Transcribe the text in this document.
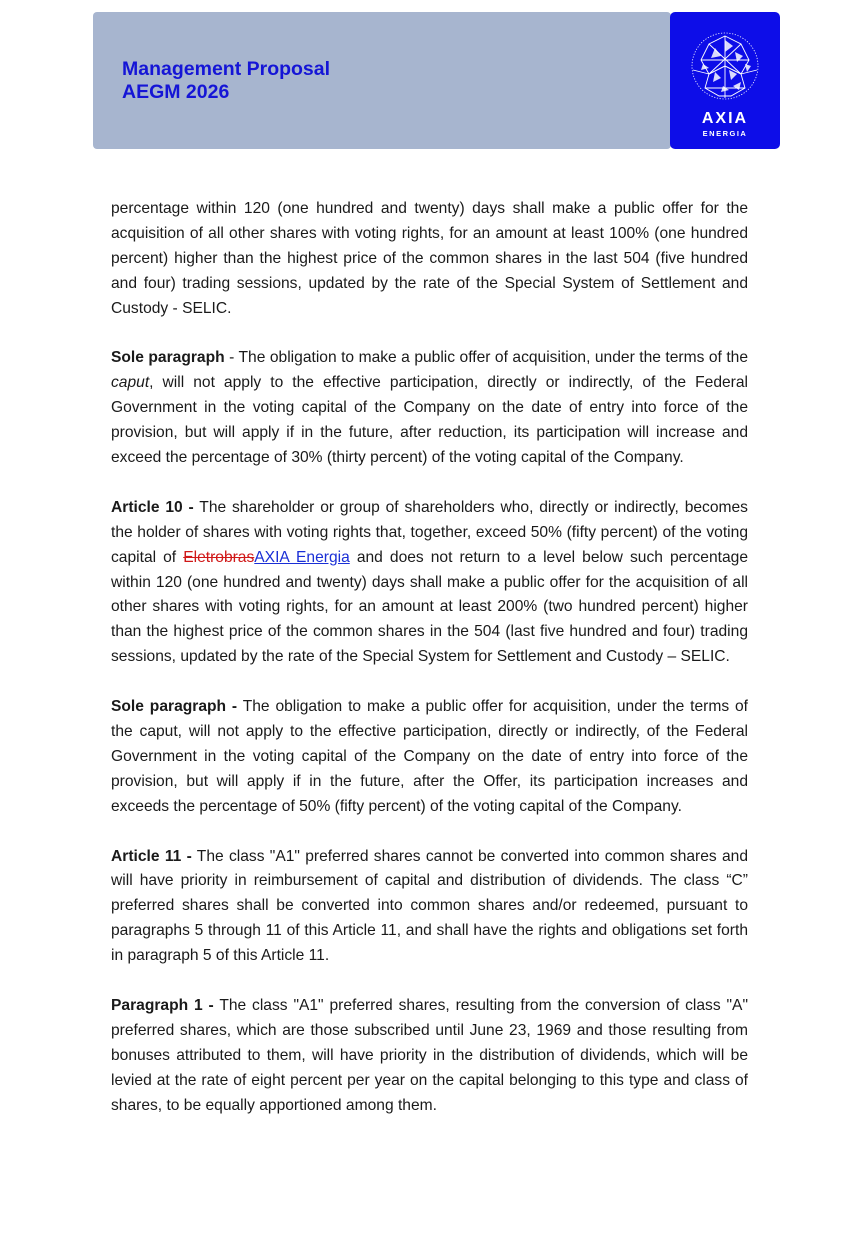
Management Proposal
AEGM 2026
AXIA
ENERGIA

percentage within 120 (one hundred and twenty) days shall make a public offer for the acquisition of all other shares with voting rights, for an amount at least 100% (one hundred percent) higher than the highest price of the common shares in the last 504 (five hundred and four) trading sessions, updated by the rate of the Special System of Settlement and Custody - SELIC.

Sole paragraph - The obligation to make a public offer of acquisition, under the terms of the caput, will not apply to the effective participation, directly or indirectly, of the Federal Government in the voting capital of the Company on the date of entry into force of the provision, but will apply if in the future, after reduction, its participation will increase and exceed the percentage of 30% (thirty percent) of the voting capital of the Company.

Article 10 - The shareholder or group of shareholders who, directly or indirectly, becomes the holder of shares with voting rights that, together, exceed 50% (fifty percent) of the voting capital of EletrobrasAXIA Energia and does not return to a level below such percentage within 120 (one hundred and twenty) days shall make a public offer for the acquisition of all other shares with voting rights, for an amount at least 200% (two hundred percent) higher than the highest price of the common shares in the 504 (last five hundred and four) trading sessions, updated by the rate of the Special System for Settlement and Custody – SELIC.

Sole paragraph - The obligation to make a public offer for acquisition, under the terms of the caput, will not apply to the effective participation, directly or indirectly, of the Federal Government in the voting capital of the Company on the date of entry into force of the provision, but will apply if in the future, after the Offer, its participation increases and exceeds the percentage of 50% (fifty percent) of the voting capital of the Company.

Article 11 - The class "A1" preferred shares cannot be converted into common shares and will have priority in reimbursement of capital and distribution of dividends. The class “C” preferred shares shall be converted into common shares and/or redeemed, pursuant to paragraphs 5 through 11 of this Article 11, and shall have the rights and obligations set forth in paragraph 5 of this Article 11.

Paragraph 1 - The class "A1" preferred shares, resulting from the conversion of class "A" preferred shares, which are those subscribed until June 23, 1969 and those resulting from bonuses attributed to them, will have priority in the distribution of dividends, which will be levied at the rate of eight percent per year on the capital belonging to this type and class of shares, to be equally apportioned among them.
